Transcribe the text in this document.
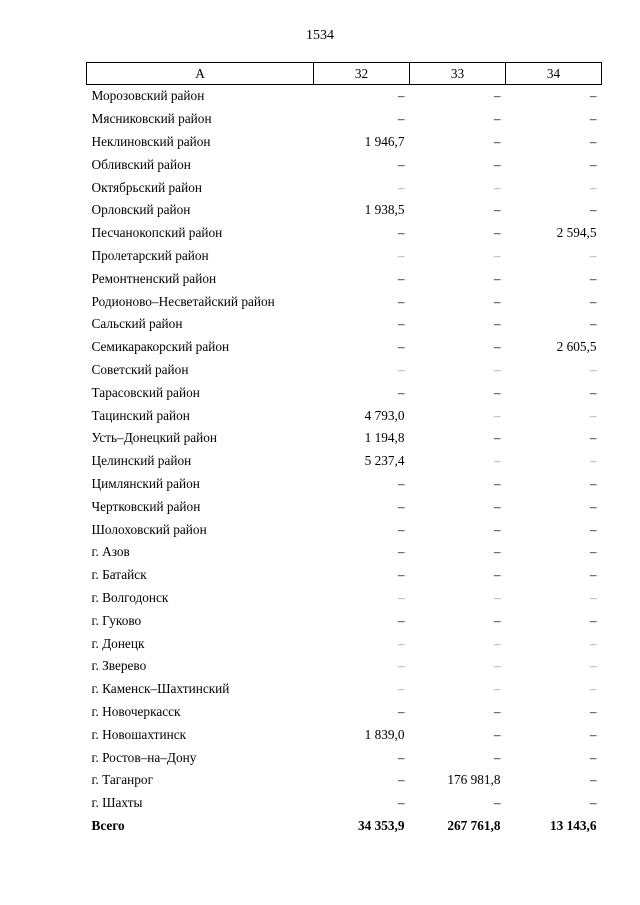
1534
А	32	33	34
Морозовский район	–	–	–
Мясниковский район	–	–	–
Неклиновский район	1 946,7	–	–
Обливский район	–	–	–
Октябрьский район	–	–	–
Орловский район	1 938,5	–	–
Песчанокопский район	–	–	2 594,5
Пролетарский район	–	–	–
Ремонтненский район	–	–	–
Родионово–Несветайский район	–	–	–
Сальский район	–	–	–
Семикаракорский район	–	–	2 605,5
Советский район	–	–	–
Тарасовский район	–	–	–
Тацинский район	4 793,0	–	–
Усть–Донецкий район	1 194,8	–	–
Целинский район	5 237,4	–	–
Цимлянский район	–	–	–
Чертковский район	–	–	–
Шолоховский район	–	–	–
г. Азов	–	–	–
г. Батайск	–	–	–
г. Волгодонск	–	–	–
г. Гуково	–	–	–
г. Донецк	–	–	–
г. Зверево	–	–	–
г. Каменск–Шахтинский	–	–	–
г. Новочеркасск	–	–	–
г. Новошахтинск	1 839,0	–	–
г. Ростов–на–Дону	–	–	–
г. Таганрог	–	176 981,8	–
г. Шахты	–	–	–
Всего	34 353,9	267 761,8	13 143,6
